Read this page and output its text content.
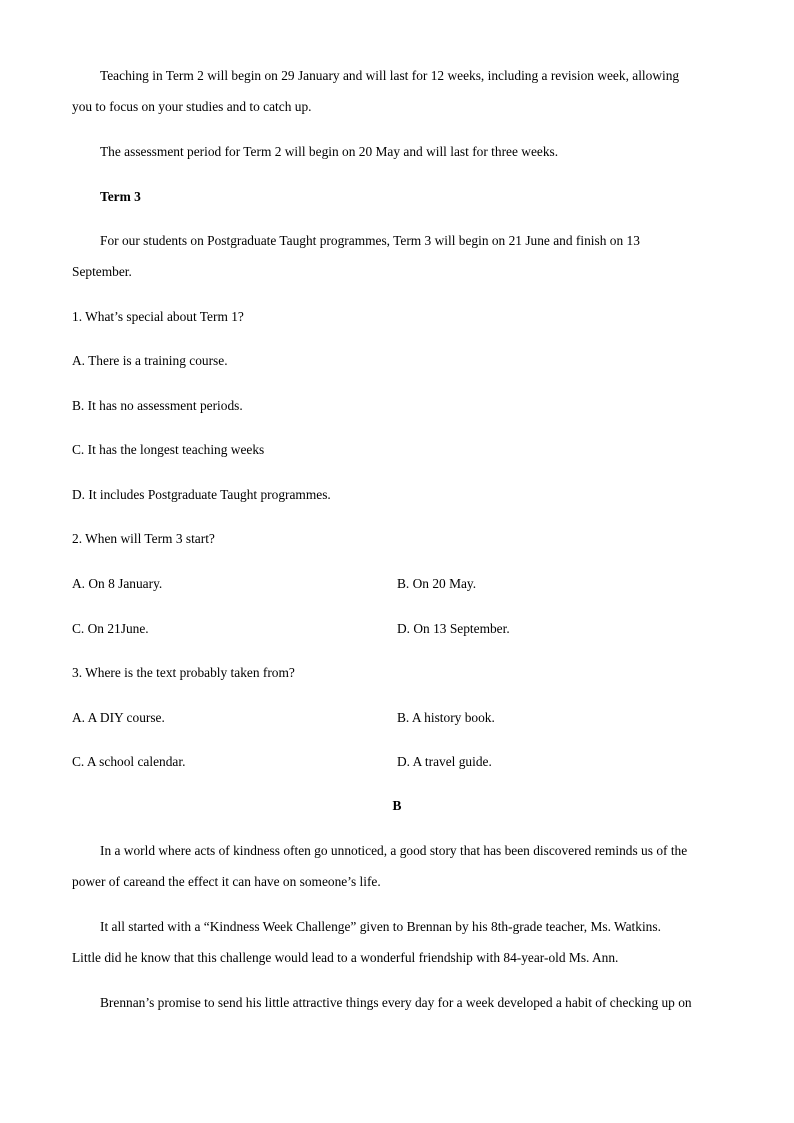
Teaching in Term 2 will begin on 29 January and will last for 12 weeks, including a revision week, allowing
you to focus on your studies and to catch up.
The assessment period for Term 2 will begin on 20 May and will last for three weeks.
Term 3
For our students on Postgraduate Taught programmes, Term 3 will begin on 21 June and finish on 13
September.
1. What’s special about Term 1?
A. There is a training course.
B. It has no assessment periods.
C. It has the longest teaching weeks
D. It includes Postgraduate Taught programmes.
2. When will Term 3 start?
A. On 8 January.	B. On 20 May.
C. On 21June.	D. On 13 September.
3. Where is the text probably taken from?
A. A DIY course.	B. A history book.
C. A school calendar.	D. A travel guide.
B
In a world where acts of kindness often go unnoticed, a good story that has been discovered reminds us of the
power of careand the effect it can have on someone’s life.
It all started with a “Kindness Week Challenge” given to Brennan by his 8th-grade teacher, Ms. Watkins.
Little did he know that this challenge would lead to a wonderful friendship with 84-year-old Ms. Ann.
Brennan’s promise to send his little attractive things every day for a week developed a habit of checking up on
